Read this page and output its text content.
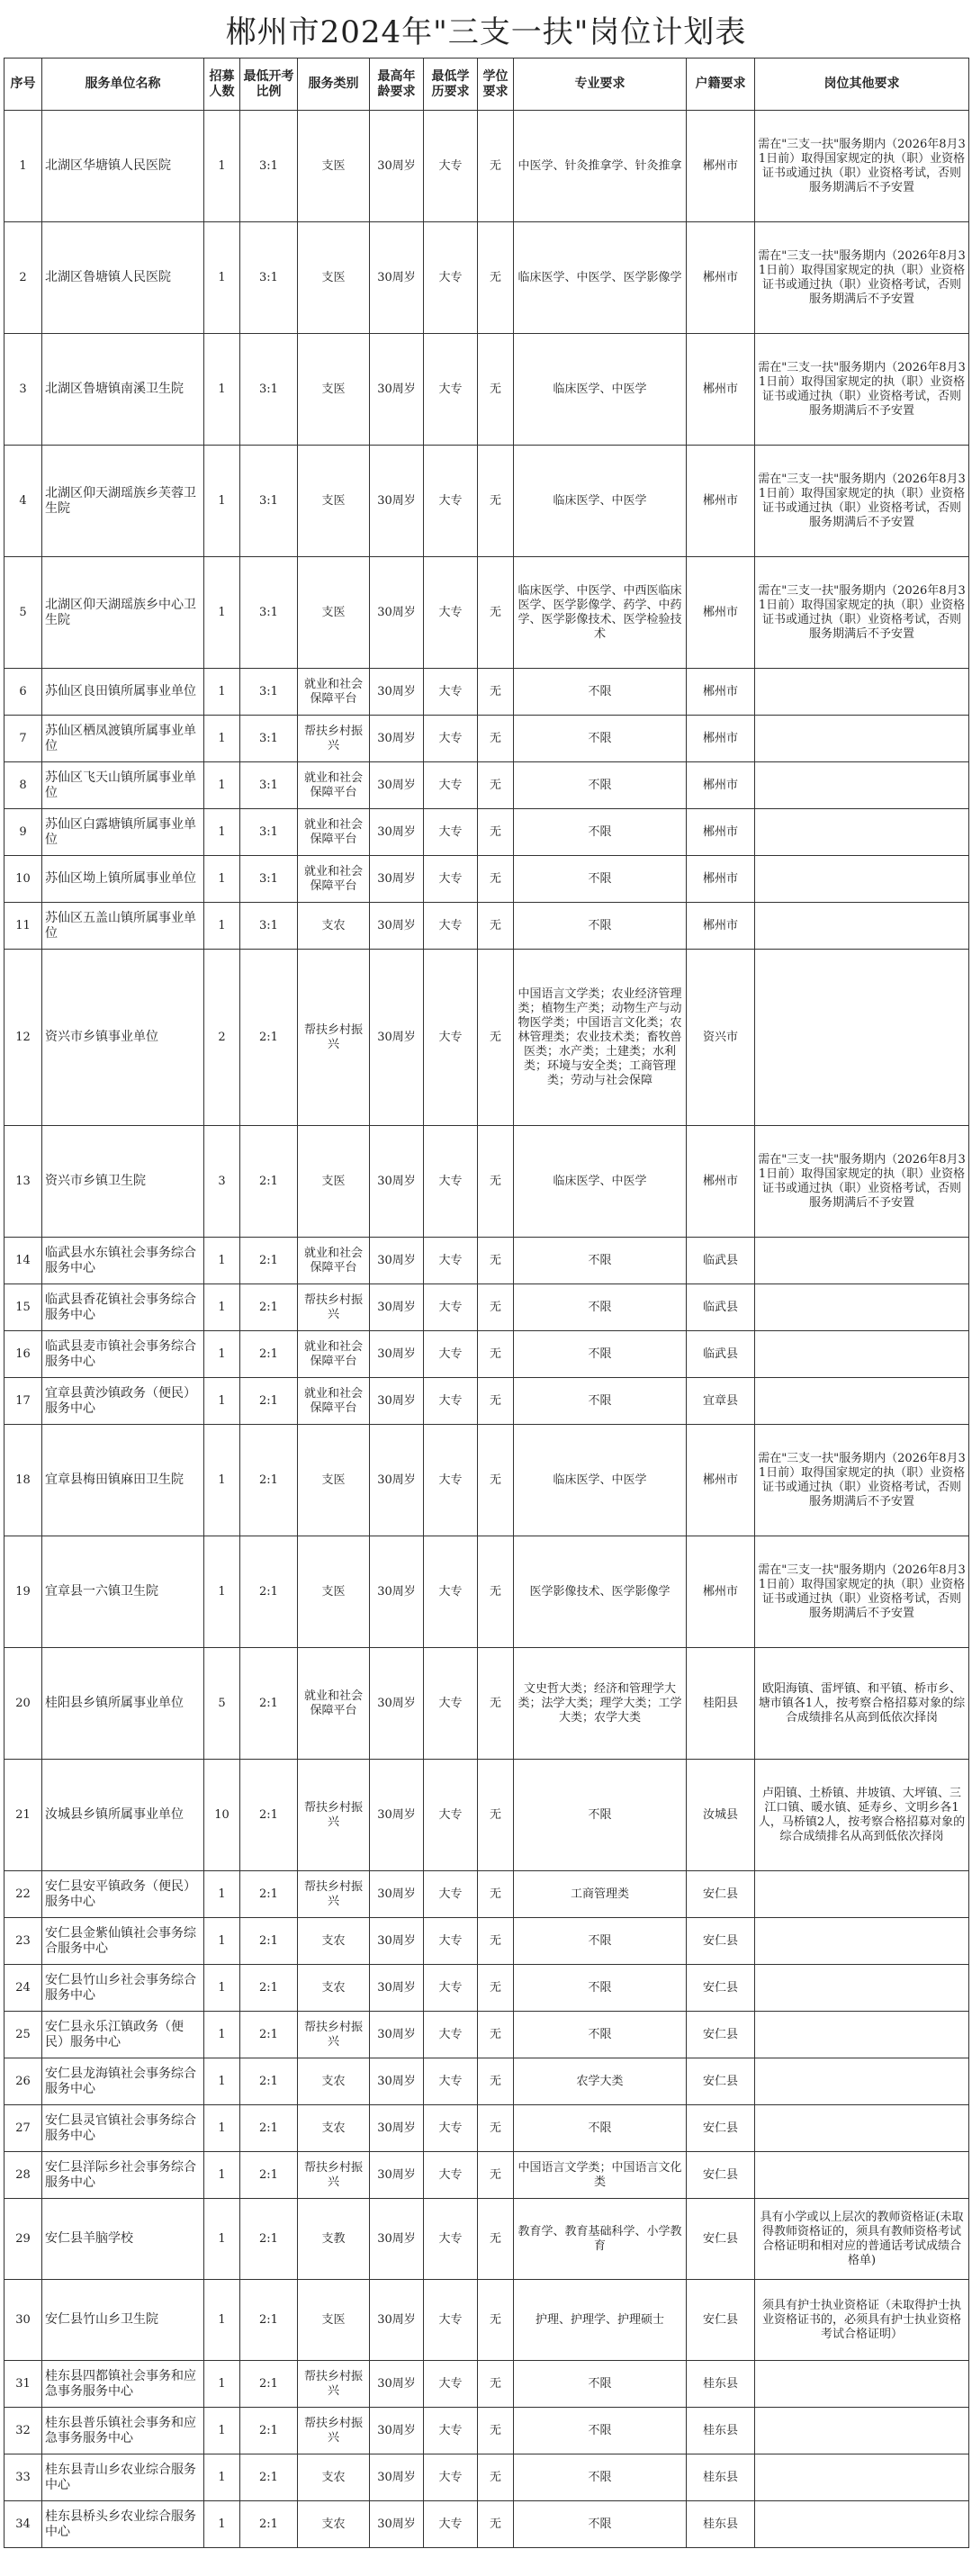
郴州市2024年"三支一扶"岗位计划表
序号	服务单位名称	招募人数	最低开考比例	服务类别	最高年龄要求	最低学历要求	学位要求	专业要求	户籍要求	岗位其他要求
1	北湖区华塘镇人民医院	1	3:1	支医	30周岁	大专	无	中医学、针灸推拿学、针灸推拿	郴州市	需在"三支一扶"服务期内（2026年8月31日前）取得国家规定的执（职）业资格证书或通过执（职）业资格考试，否则服务期满后不予安置
2	北湖区鲁塘镇人民医院	1	3:1	支医	30周岁	大专	无	临床医学、中医学、医学影像学	郴州市	需在"三支一扶"服务期内（2026年8月31日前）取得国家规定的执（职）业资格证书或通过执（职）业资格考试，否则服务期满后不予安置
3	北湖区鲁塘镇南溪卫生院	1	3:1	支医	30周岁	大专	无	临床医学、中医学	郴州市	需在"三支一扶"服务期内（2026年8月31日前）取得国家规定的执（职）业资格证书或通过执（职）业资格考试，否则服务期满后不予安置
4	北湖区仰天湖瑶族乡芙蓉卫生院	1	3:1	支医	30周岁	大专	无	临床医学、中医学	郴州市	需在"三支一扶"服务期内（2026年8月31日前）取得国家规定的执（职）业资格证书或通过执（职）业资格考试，否则服务期满后不予安置
5	北湖区仰天湖瑶族乡中心卫生院	1	3:1	支医	30周岁	大专	无	临床医学、中医学、中西医临床医学、医学影像学、药学、中药学、医学影像技术、医学检验技术	郴州市	需在"三支一扶"服务期内（2026年8月31日前）取得国家规定的执（职）业资格证书或通过执（职）业资格考试，否则服务期满后不予安置
6	苏仙区良田镇所属事业单位	1	3:1	就业和社会保障平台	30周岁	大专	无	不限	郴州市	
7	苏仙区栖凤渡镇所属事业单位	1	3:1	帮扶乡村振兴	30周岁	大专	无	不限	郴州市	
8	苏仙区飞天山镇所属事业单位	1	3:1	就业和社会保障平台	30周岁	大专	无	不限	郴州市	
9	苏仙区白露塘镇所属事业单位	1	3:1	就业和社会保障平台	30周岁	大专	无	不限	郴州市	
10	苏仙区坳上镇所属事业单位	1	3:1	就业和社会保障平台	30周岁	大专	无	不限	郴州市	
11	苏仙区五盖山镇所属事业单位	1	3:1	支农	30周岁	大专	无	不限	郴州市	
12	资兴市乡镇事业单位	2	2:1	帮扶乡村振兴	30周岁	大专	无	中国语言文学类；农业经济管理类；植物生产类；动物生产与动物医学类；中国语言文化类；农林管理类；农业技术类；畜牧兽医类；水产类；土建类；水利类；环境与安全类；工商管理类；劳动与社会保障	资兴市	
13	资兴市乡镇卫生院	3	2:1	支医	30周岁	大专	无	临床医学、中医学	郴州市	需在"三支一扶"服务期内（2026年8月31日前）取得国家规定的执（职）业资格证书或通过执（职）业资格考试，否则服务期满后不予安置
14	临武县水东镇社会事务综合服务中心	1	2:1	就业和社会保障平台	30周岁	大专	无	不限	临武县	
15	临武县香花镇社会事务综合服务中心	1	2:1	帮扶乡村振兴	30周岁	大专	无	不限	临武县	
16	临武县麦市镇社会事务综合服务中心	1	2:1	就业和社会保障平台	30周岁	大专	无	不限	临武县	
17	宜章县黄沙镇政务（便民）服务中心	1	2:1	就业和社会保障平台	30周岁	大专	无	不限	宜章县	
18	宜章县梅田镇麻田卫生院	1	2:1	支医	30周岁	大专	无	临床医学、中医学	郴州市	需在"三支一扶"服务期内（2026年8月31日前）取得国家规定的执（职）业资格证书或通过执（职）业资格考试，否则服务期满后不予安置
19	宜章县一六镇卫生院	1	2:1	支医	30周岁	大专	无	医学影像技术、医学影像学	郴州市	需在"三支一扶"服务期内（2026年8月31日前）取得国家规定的执（职）业资格证书或通过执（职）业资格考试，否则服务期满后不予安置
20	桂阳县乡镇所属事业单位	5	2:1	就业和社会保障平台	30周岁	大专	无	文史哲大类；经济和管理学大类；法学大类；理学大类；工学大类；农学大类	桂阳县	欧阳海镇、雷坪镇、和平镇、桥市乡、塘市镇各1人，按考察合格招募对象的综合成绩排名从高到低依次择岗
21	汝城县乡镇所属事业单位	10	2:1	帮扶乡村振兴	30周岁	大专	无	不限	汝城县	卢阳镇、土桥镇、井坡镇、大坪镇、三江口镇、暖水镇、延寿乡、文明乡各1人，马桥镇2人，按考察合格招募对象的综合成绩排名从高到低依次择岗
22	安仁县安平镇政务（便民）服务中心	1	2:1	帮扶乡村振兴	30周岁	大专	无	工商管理类	安仁县	
23	安仁县金紫仙镇社会事务综合服务中心	1	2:1	支农	30周岁	大专	无	不限	安仁县	
24	安仁县竹山乡社会事务综合服务中心	1	2:1	支农	30周岁	大专	无	不限	安仁县	
25	安仁县永乐江镇政务（便民）服务中心	1	2:1	帮扶乡村振兴	30周岁	大专	无	不限	安仁县	
26	安仁县龙海镇社会事务综合服务中心	1	2:1	支农	30周岁	大专	无	农学大类	安仁县	
27	安仁县灵官镇社会事务综合服务中心	1	2:1	支农	30周岁	大专	无	不限	安仁县	
28	安仁县洋际乡社会事务综合服务中心	1	2:1	帮扶乡村振兴	30周岁	大专	无	中国语言文学类；中国语言文化类	安仁县	
29	安仁县羊脑学校	1	2:1	支教	30周岁	大专	无	教育学、教育基础科学、小学教育	安仁县	具有小学或以上层次的教师资格证(未取得教师资格证的，须具有教师资格考试合格证明和相对应的普通话考试成绩合格单)
30	安仁县竹山乡卫生院	1	2:1	支医	30周岁	大专	无	护理、护理学、护理硕士	安仁县	须具有护士执业资格证（未取得护士执业资格证书的，必须具有护士执业资格考试合格证明）
31	桂东县四都镇社会事务和应急事务服务中心	1	2:1	帮扶乡村振兴	30周岁	大专	无	不限	桂东县	
32	桂东县普乐镇社会事务和应急事务服务中心	1	2:1	帮扶乡村振兴	30周岁	大专	无	不限	桂东县	
33	桂东县青山乡农业综合服务中心	1	2:1	支农	30周岁	大专	无	不限	桂东县	
34	桂东县桥头乡农业综合服务中心	1	2:1	支农	30周岁	大专	无	不限	桂东县	
